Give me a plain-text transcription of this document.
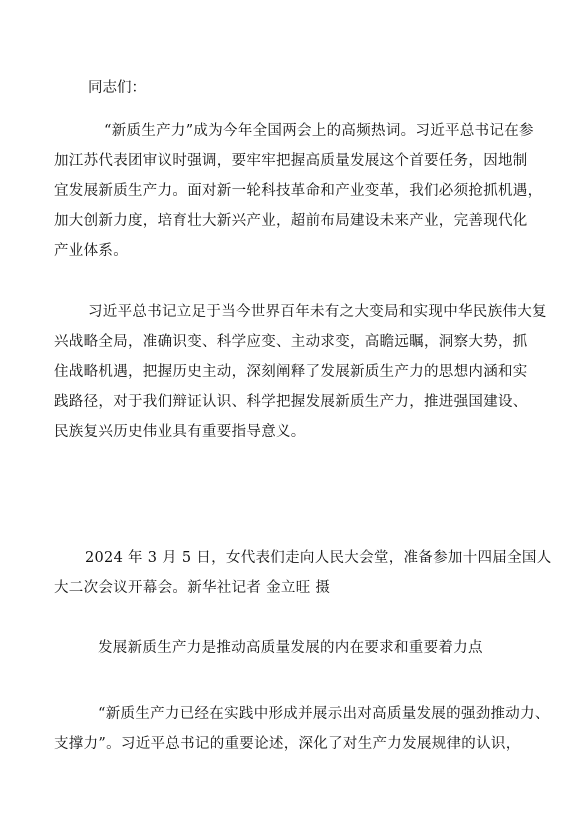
同志们：
“新质生产力”成为今年全国两会上的高频热词。习近平总书记在参
加江苏代表团审议时强调，要牢牢把握高质量发展这个首要任务，因地制
宜发展新质生产力。面对新一轮科技革命和产业变革，我们必须抢抓机遇，
加大创新力度，培育壮大新兴产业，超前布局建设未来产业，完善现代化
产业体系。
习近平总书记立足于当今世界百年未有之大变局和实现中华民族伟大复
兴战略全局，准确识变、科学应变、主动求变，高瞻远瞩，洞察大势，抓
住战略机遇，把握历史主动，深刻阐释了发展新质生产力的思想内涵和实
践路径，对于我们辩证认识、科学把握发展新质生产力，推进强国建设、
民族复兴历史伟业具有重要指导意义。
2024 年 3 月 5 日，女代表们走向人民大会堂，准备参加十四届全国人
大二次会议开幕会。新华社记者 金立旺 摄
发展新质生产力是推动高质量发展的内在要求和重要着力点
“新质生产力已经在实践中形成并展示出对高质量发展的强劲推动力、
支撑力”。习近平总书记的重要论述，深化了对生产力发展规律的认识，
